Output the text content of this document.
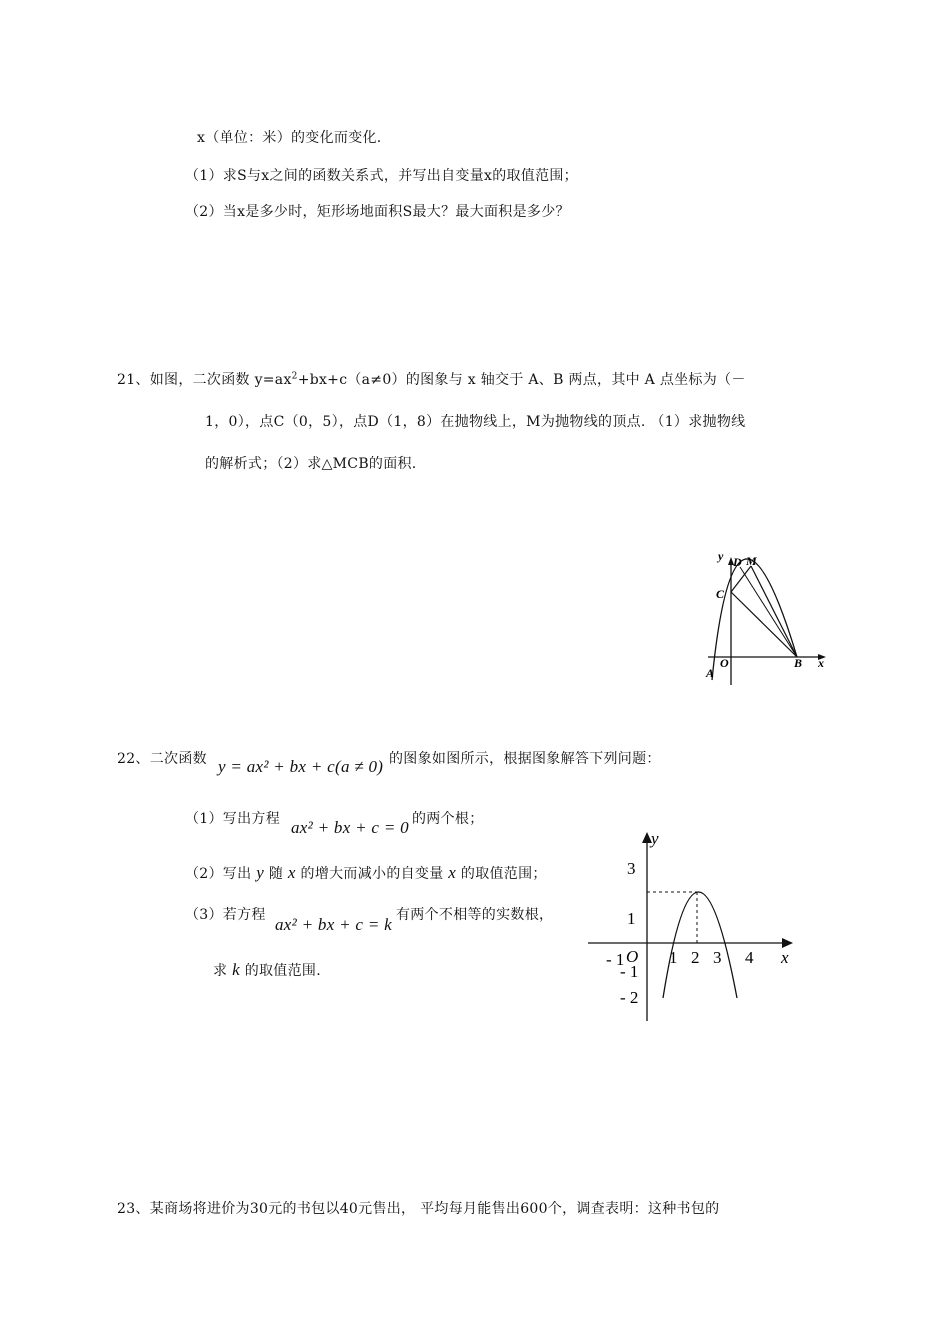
x（单位：米）的变化而变化.
（1）求S与x之间的函数关系式，并写出自变量x的取值范围；
（2）当x是多少时，矩形场地面积S最大？最大面积是多少？
21、如图，二次函数 $y=ax^2+bx+c(a\ne 0)$的图象与 x 轴交于 A、B 两点，其中 A 点坐标为（－
1，0），点C（0，5），点D（1，8）在抛物线上，M为抛物线的顶点. （1）求抛物线
的解析式；（2）求△MCB的面积.
y D M
C
O
A
B x
22、二次函数 y = ax² + bx + c(a ≠ 0) 的图象如图所示，根据图象解答下列问题：
（1）写出方程 ax² + bx + c = 0 的两个根；
（2）写出 y 随 x 的增大而减小的自变量 x 的取值范围；
（3）若方程 ax² + bx + c = k 有两个不相等的实数根，
求 k 的取值范围.
y
x
O
- 1	1 2 3 4
3
1
- 1
- 2
23、某商场将进价为30元的书包以40元售出， 平均每月能售出600个，调查表明：这种书包的
